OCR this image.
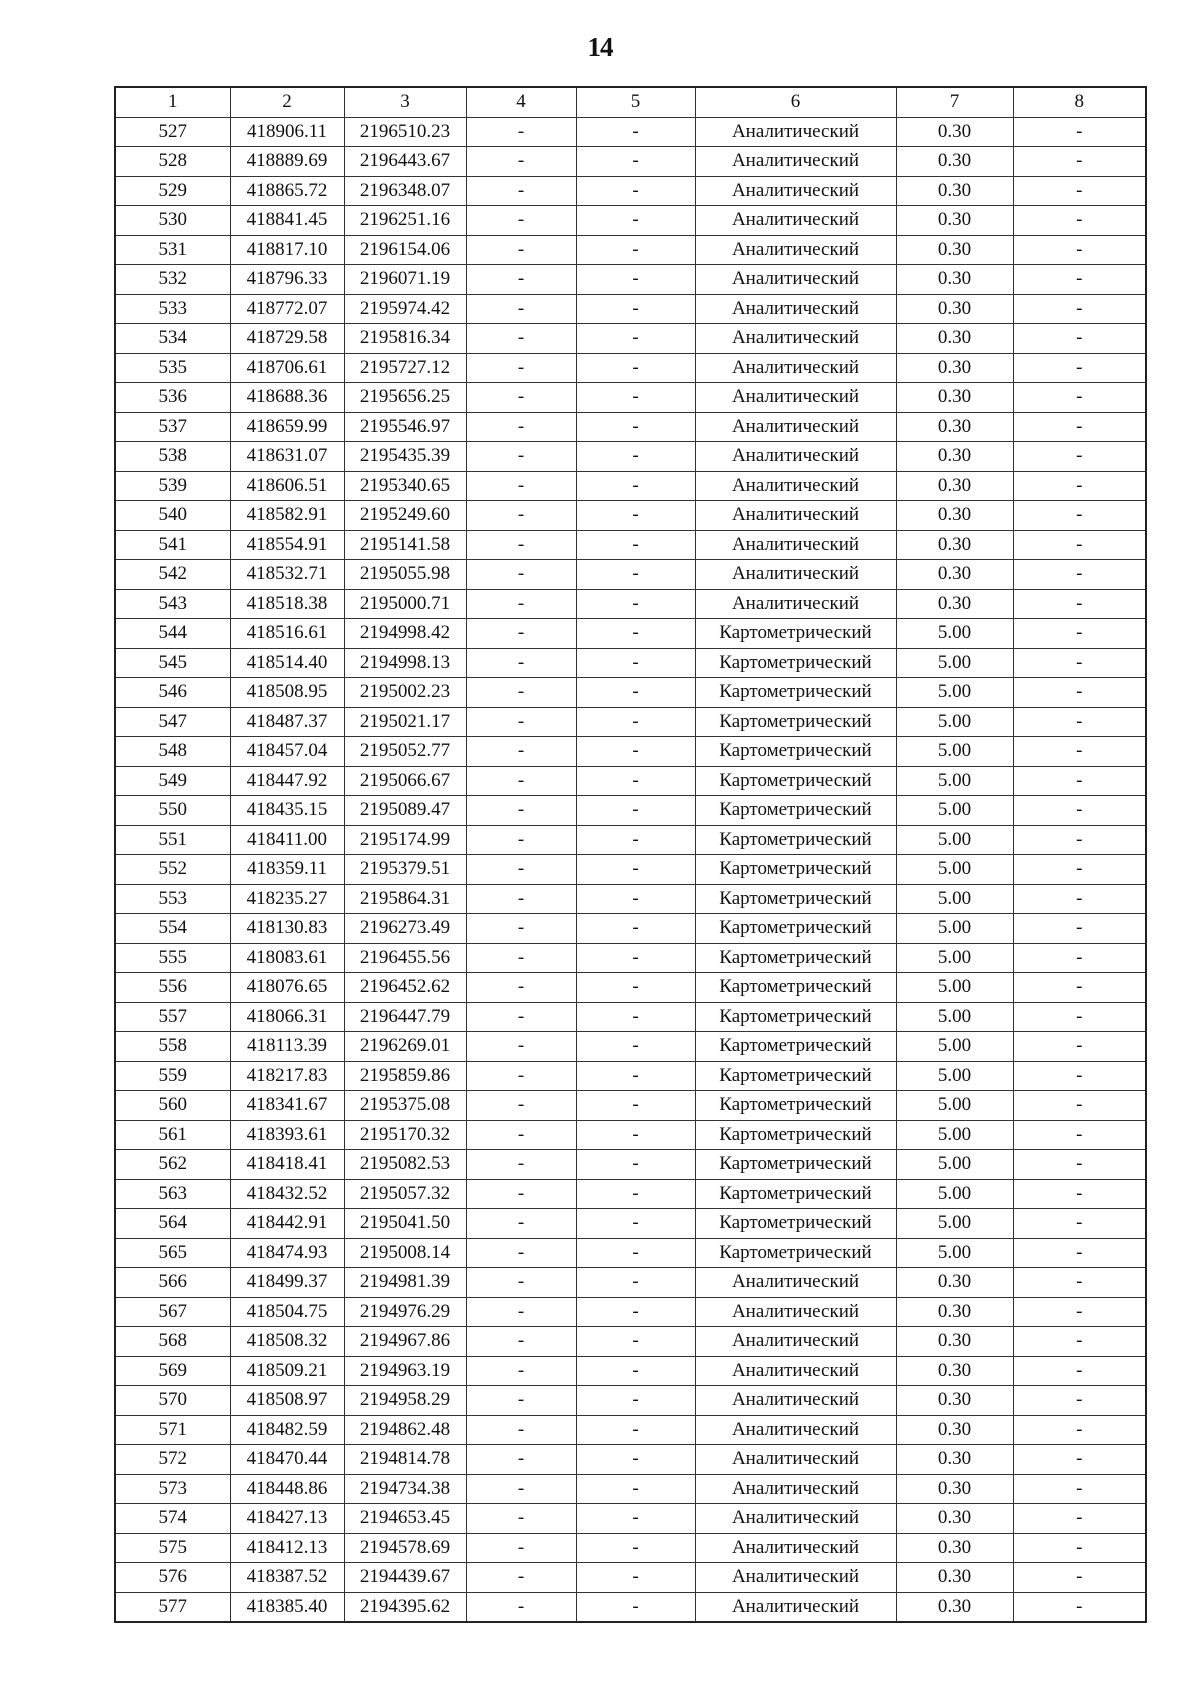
14
1	2	3	4	5	6	7	8
527	418906.11	2196510.23	-	-	Аналитический	0.30	-
528	418889.69	2196443.67	-	-	Аналитический	0.30	-
529	418865.72	2196348.07	-	-	Аналитический	0.30	-
530	418841.45	2196251.16	-	-	Аналитический	0.30	-
531	418817.10	2196154.06	-	-	Аналитический	0.30	-
532	418796.33	2196071.19	-	-	Аналитический	0.30	-
533	418772.07	2195974.42	-	-	Аналитический	0.30	-
534	418729.58	2195816.34	-	-	Аналитический	0.30	-
535	418706.61	2195727.12	-	-	Аналитический	0.30	-
536	418688.36	2195656.25	-	-	Аналитический	0.30	-
537	418659.99	2195546.97	-	-	Аналитический	0.30	-
538	418631.07	2195435.39	-	-	Аналитический	0.30	-
539	418606.51	2195340.65	-	-	Аналитический	0.30	-
540	418582.91	2195249.60	-	-	Аналитический	0.30	-
541	418554.91	2195141.58	-	-	Аналитический	0.30	-
542	418532.71	2195055.98	-	-	Аналитический	0.30	-
543	418518.38	2195000.71	-	-	Аналитический	0.30	-
544	418516.61	2194998.42	-	-	Картометрический	5.00	-
545	418514.40	2194998.13	-	-	Картометрический	5.00	-
546	418508.95	2195002.23	-	-	Картометрический	5.00	-
547	418487.37	2195021.17	-	-	Картометрический	5.00	-
548	418457.04	2195052.77	-	-	Картометрический	5.00	-
549	418447.92	2195066.67	-	-	Картометрический	5.00	-
550	418435.15	2195089.47	-	-	Картометрический	5.00	-
551	418411.00	2195174.99	-	-	Картометрический	5.00	-
552	418359.11	2195379.51	-	-	Картометрический	5.00	-
553	418235.27	2195864.31	-	-	Картометрический	5.00	-
554	418130.83	2196273.49	-	-	Картометрический	5.00	-
555	418083.61	2196455.56	-	-	Картометрический	5.00	-
556	418076.65	2196452.62	-	-	Картометрический	5.00	-
557	418066.31	2196447.79	-	-	Картометрический	5.00	-
558	418113.39	2196269.01	-	-	Картометрический	5.00	-
559	418217.83	2195859.86	-	-	Картометрический	5.00	-
560	418341.67	2195375.08	-	-	Картометрический	5.00	-
561	418393.61	2195170.32	-	-	Картометрический	5.00	-
562	418418.41	2195082.53	-	-	Картометрический	5.00	-
563	418432.52	2195057.32	-	-	Картометрический	5.00	-
564	418442.91	2195041.50	-	-	Картометрический	5.00	-
565	418474.93	2195008.14	-	-	Картометрический	5.00	-
566	418499.37	2194981.39	-	-	Аналитический	0.30	-
567	418504.75	2194976.29	-	-	Аналитический	0.30	-
568	418508.32	2194967.86	-	-	Аналитический	0.30	-
569	418509.21	2194963.19	-	-	Аналитический	0.30	-
570	418508.97	2194958.29	-	-	Аналитический	0.30	-
571	418482.59	2194862.48	-	-	Аналитический	0.30	-
572	418470.44	2194814.78	-	-	Аналитический	0.30	-
573	418448.86	2194734.38	-	-	Аналитический	0.30	-
574	418427.13	2194653.45	-	-	Аналитический	0.30	-
575	418412.13	2194578.69	-	-	Аналитический	0.30	-
576	418387.52	2194439.67	-	-	Аналитический	0.30	-
577	418385.40	2194395.62	-	-	Аналитический	0.30	-
